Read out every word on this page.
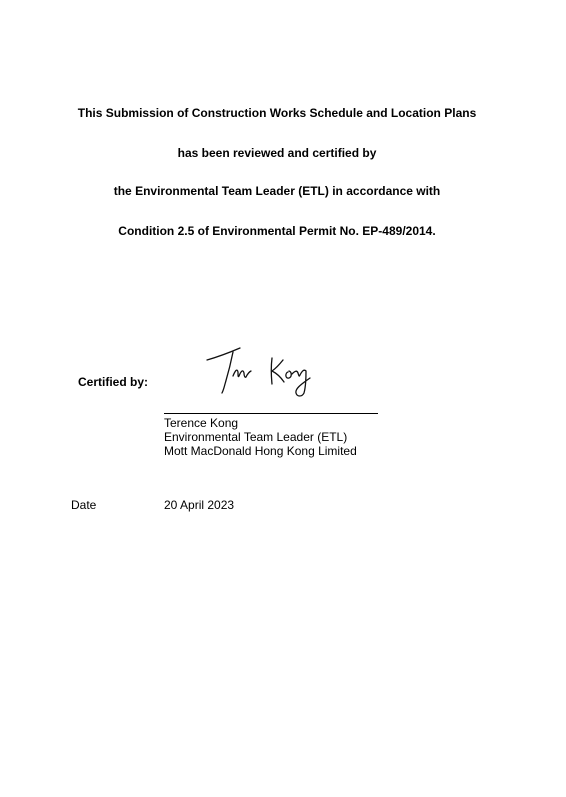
This Submission of Construction Works Schedule and Location Plans
has been reviewed and certified by
the Environmental Team Leader (ETL) in accordance with
Condition 2.5 of Environmental Permit No. EP-489/2014.
Certified by:
Terence Kong
Environmental Team Leader (ETL)
Mott MacDonald Hong Kong Limited
Date	20 April 2023
